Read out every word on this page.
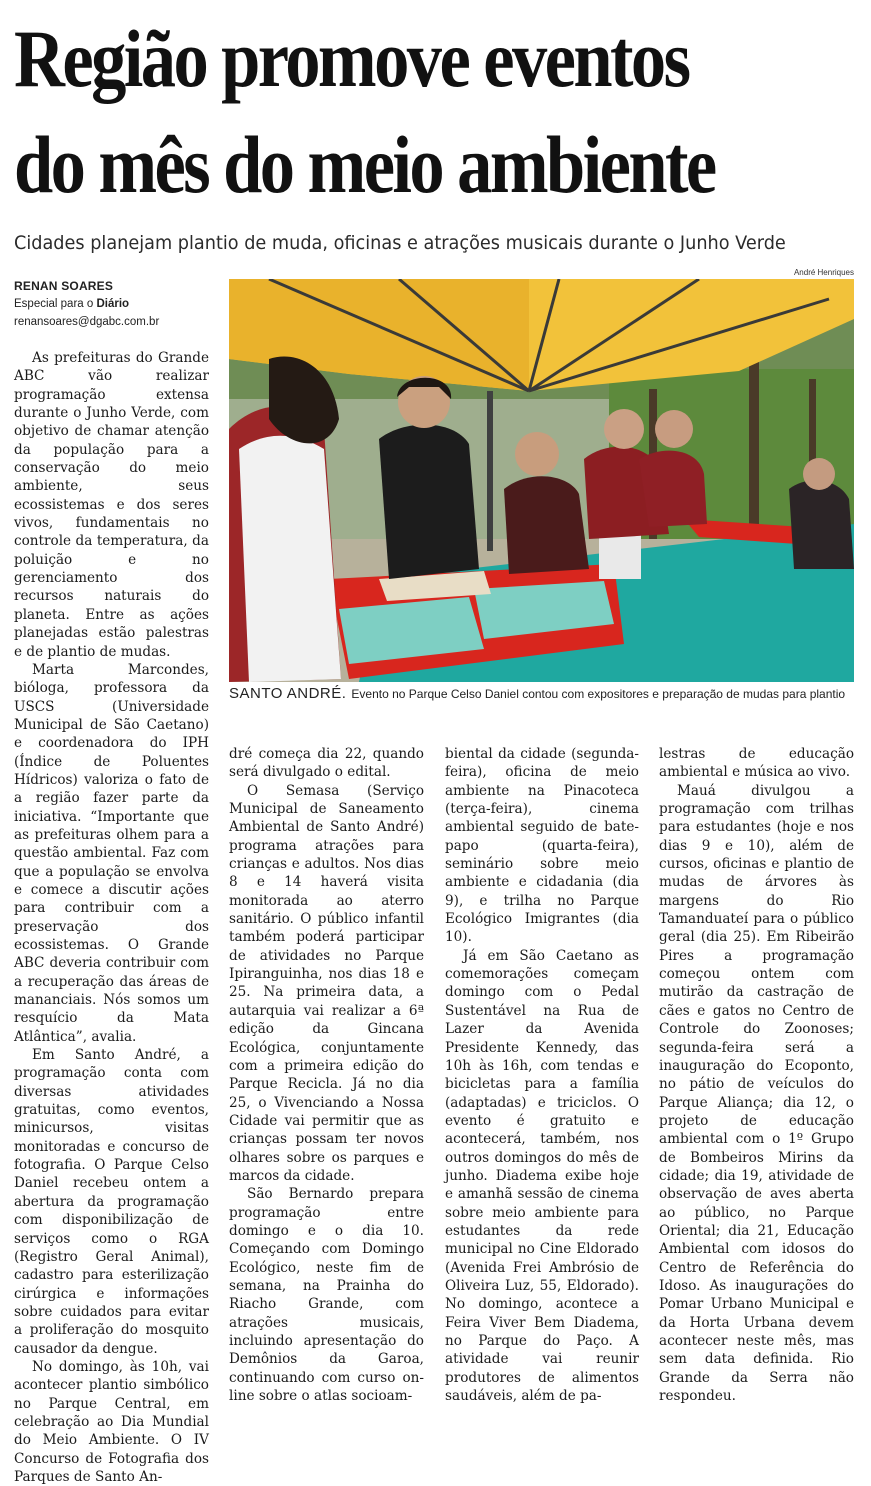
Região promove eventos
do mês do meio ambiente
Cidades planejam plantio de muda, oficinas e atrações musicais durante o Junho Verde
RENAN SOARES
Especial para o Diário
renansoares@dgabc.com.br
André Henriques
SANTO ANDRÉ. Evento no Parque Celso Daniel contou com expositores e preparação de mudas para plantio

As prefeituras do Grande ABC vão realizar programação extensa durante o Junho Verde, com objetivo de chamar atenção da população para a conservação do meio ambiente, seus ecossistemas e dos seres vivos, fundamentais no controle da temperatura, da poluição e no gerenciamento dos recursos naturais do planeta. Entre as ações planejadas estão palestras e de plantio de mudas.

Marta Marcondes, bióloga, professora da USCS (Universidade Municipal de São Caetano) e coordenadora do IPH (Índice de Poluentes Hídricos) valoriza o fato de a região fazer parte da iniciativa. “Importante que as prefeituras olhem para a questão ambiental. Faz com que a população se envolva e comece a discutir ações para contribuir com a preservação dos ecossistemas. O Grande ABC deveria contribuir com a recuperação das áreas de mananciais. Nós somos um resquício da Mata Atlântica”, avalia.

Em Santo André, a programação conta com diversas atividades gratuitas, como eventos, minicursos, visitas monitoradas e concurso de fotografia. O Parque Celso Daniel recebeu ontem a abertura da programação com disponibilização de serviços como o RGA (Registro Geral Animal), cadastro para esterilização cirúrgica e informações sobre cuidados para evitar a proliferação do mosquito causador da dengue.

No domingo, às 10h, vai acontecer plantio simbólico no Parque Central, em celebração ao Dia Mundial do Meio Ambiente. O IV Concurso de Fotografia dos Parques de Santo An-

dré começa dia 22, quando será divulgado o edital.

O Semasa (Serviço Municipal de Saneamento Ambiental de Santo André) programa atrações para crianças e adultos. Nos dias 8 e 14 haverá visita monitorada ao aterro sanitário. O público infantil também poderá participar de atividades no Parque Ipiranguinha, nos dias 18 e 25. Na primeira data, a autarquia vai realizar a 6ª edição da Gincana Ecológica, conjuntamente com a primeira edição do Parque Recicla. Já no dia 25, o Vivenciando a Nossa Cidade vai permitir que as crianças possam ter novos olhares sobre os parques e marcos da cidade.

São Bernardo prepara programação entre domingo e o dia 10. Começando com Domingo Ecológico, neste fim de semana, na Prainha do Riacho Grande, com atrações musicais, incluindo apresentação do Demônios da Garoa, continuando com curso on-line sobre o atlas socioam-

biental da cidade (segunda-feira), oficina de meio ambiente na Pinacoteca (terça-feira), cinema ambiental seguido de bate-papo (quarta-feira), seminário sobre meio ambiente e cidadania (dia 9), e trilha no Parque Ecológico Imigrantes (dia 10).

Já em São Caetano as comemorações começam domingo com o Pedal Sustentável na Rua de Lazer da Avenida Presidente Kennedy, das 10h às 16h, com tendas e bicicletas para a família (adaptadas) e triciclos. O evento é gratuito e acontecerá, também, nos outros domingos do mês de junho. Diadema exibe hoje e amanhã sessão de cinema sobre meio ambiente para estudantes da rede municipal no Cine Eldorado (Avenida Frei Ambrósio de Oliveira Luz, 55, Eldorado). No domingo, acontece a Feira Viver Bem Diadema, no Parque do Paço. A atividade vai reunir produtores de alimentos saudáveis, além de pa-

lestras de educação ambiental e música ao vivo.

Mauá divulgou a programação com trilhas para estudantes (hoje e nos dias 9 e 10), além de cursos, oficinas e plantio de mudas de árvores às margens do Rio Tamanduateí para o público geral (dia 25). Em Ribeirão Pires a programação começou ontem com mutirão da castração de cães e gatos no Centro de Controle do Zoonoses; segunda-feira será a inauguração do Ecoponto, no pátio de veículos do Parque Aliança; dia 12, o projeto de educação ambiental com o 1º Grupo de Bombeiros Mirins da cidade; dia 19, atividade de observação de aves aberta ao público, no Parque Oriental; dia 21, Educação Ambiental com idosos do Centro de Referência do Idoso. As inaugurações do Pomar Urbano Municipal e da Horta Urbana devem acontecer neste mês, mas sem data definida. Rio Grande da Serra não respondeu.
